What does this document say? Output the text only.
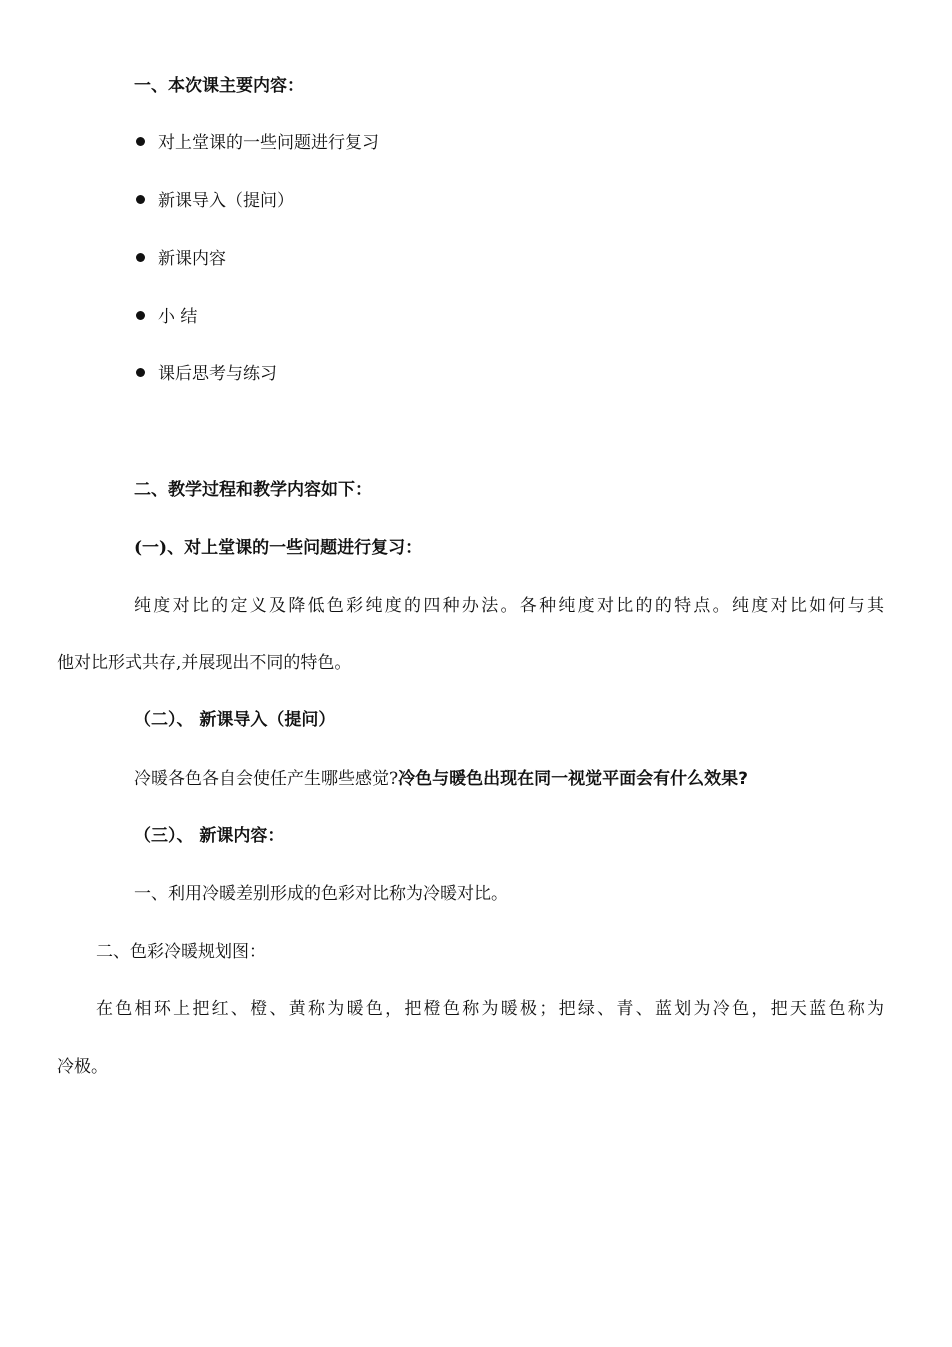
一、本次课主要内容：
对上堂课的一些问题进行复习
新课导入（提问）
新课内容
小 结
课后思考与练习
二、教学过程和教学内容如下：
(一)、对上堂课的一些问题进行复习：
纯度对比的定义及降低色彩纯度的四种办法。各种纯度对比的的特点。纯度对比如何与其
他对比形式共存,并展现出不同的特色。
（二）、 新课导入（提问）
冷暖各色各自会使任产生哪些感觉?冷色与暖色出现在同一视觉平面会有什么效果?
（三）、 新课内容：
一、利用冷暖差别形成的色彩对比称为冷暖对比。
二、色彩冷暖规划图：
在色相环上把红、橙、黄称为暖色，把橙色称为暖极；把绿、青、蓝划为冷色，把天蓝色称为
冷极。
